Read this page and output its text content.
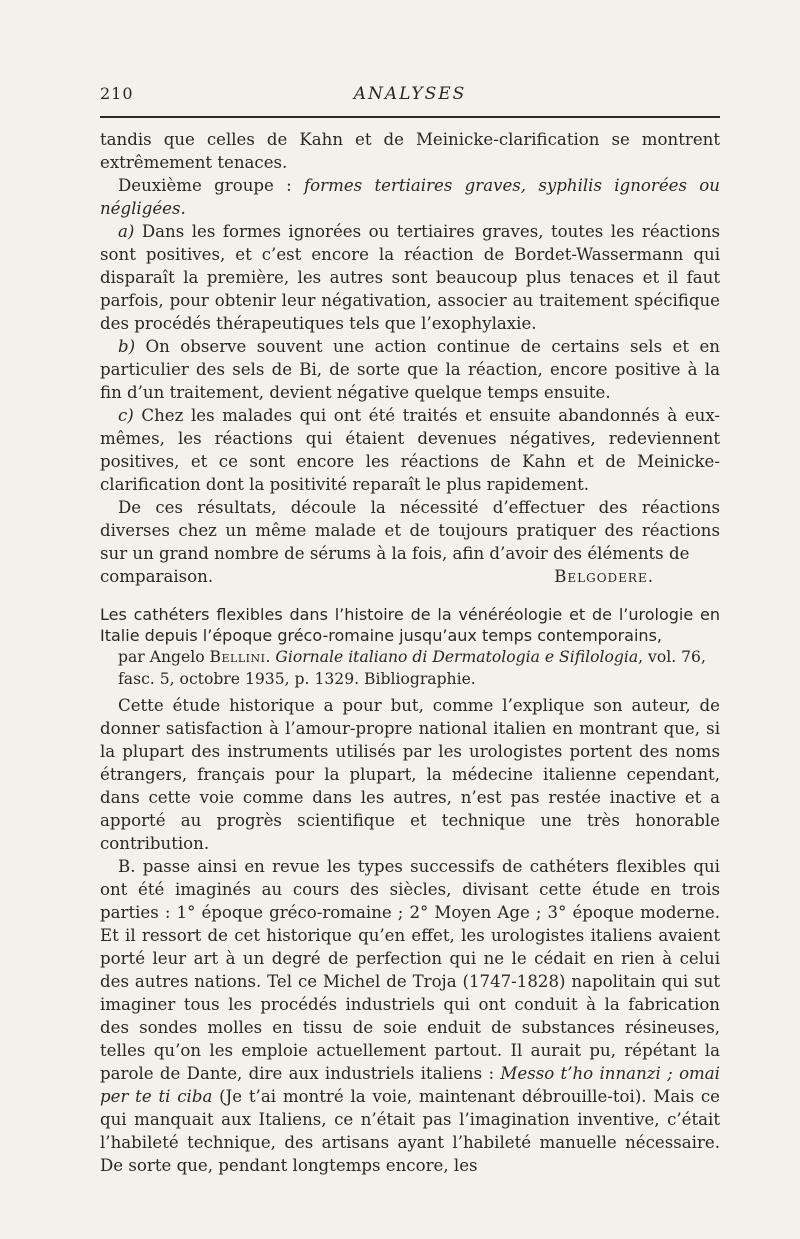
210	ANALYSES

tandis que celles de Kahn et de Meinicke-clarification se montrent extrêmement tenaces.

Deuxième groupe : formes tertiaires graves, syphilis ignorées ou négligées.

a) Dans les formes ignorées ou tertiaires graves, toutes les réactions sont positives, et c’est encore la réaction de Bordet-Wassermann qui disparaît la première, les autres sont beaucoup plus tenaces et il faut parfois, pour obtenir leur négativation, associer au traitement spécifique des procédés thérapeutiques tels que l’exophylaxie.

b) On observe souvent une action continue de certains sels et en particulier des sels de Bi, de sorte que la réaction, encore positive à la fin d’un traitement, devient négative quelque temps ensuite.

c) Chez les malades qui ont été traités et ensuite abandonnés à eux-mêmes, les réactions qui étaient devenues négatives, redeviennent positives, et ce sont encore les réactions de Kahn et de Meinicke-clarification dont la positivité reparaît le plus rapidement.

De ces résultats, découle la nécessité d’effectuer des réactions diverses chez un même malade et de toujours pratiquer des réactions sur un grand nombre de sérums à la fois, afin d’avoir des éléments de

comparaison.	Belgodere.
Les cathéters flexibles dans l’histoire de la vénéréologie et de l’urologie en Italie depuis l’époque gréco-romaine jusqu’aux temps contemporains,
par Angelo Bellini. Giornale italiano di Dermatologia e Sifilologia, vol. 76, fasc. 5, octobre 1935, p. 1329. Bibliographie.

Cette étude historique a pour but, comme l’explique son auteur, de donner satisfaction à l’amour-propre national italien en montrant que, si la plupart des instruments utilisés par les urologistes portent des noms étrangers, français pour la plupart, la médecine italienne cependant, dans cette voie comme dans les autres, n’est pas restée inactive et a apporté au progrès scientifique et technique une très honorable contribution.

B. passe ainsi en revue les types successifs de cathéters flexibles qui ont été imaginés au cours des siècles, divisant cette étude en trois parties : 1° époque gréco-romaine ; 2° Moyen Age ; 3° époque moderne. Et il ressort de cet historique qu’en effet, les urologistes italiens avaient porté leur art à un degré de perfection qui ne le cédait en rien à celui des autres nations. Tel ce Michel de Troja (1747-1828) napolitain qui sut imaginer tous les procédés industriels qui ont conduit à la fabrication des sondes molles en tissu de soie enduit de substances résineuses, telles qu’on les emploie actuellement partout. Il aurait pu, répétant la parole de Dante, dire aux industriels italiens : Messo t’ho innanzi ; omai per te ti ciba (Je t’ai montré la voie, maintenant débrouille-toi). Mais ce qui manquait aux Italiens, ce n’était pas l’imagination inventive, c’était l’habileté technique, des artisans ayant l’habileté manuelle nécessaire. De sorte que, pendant longtemps encore, les
